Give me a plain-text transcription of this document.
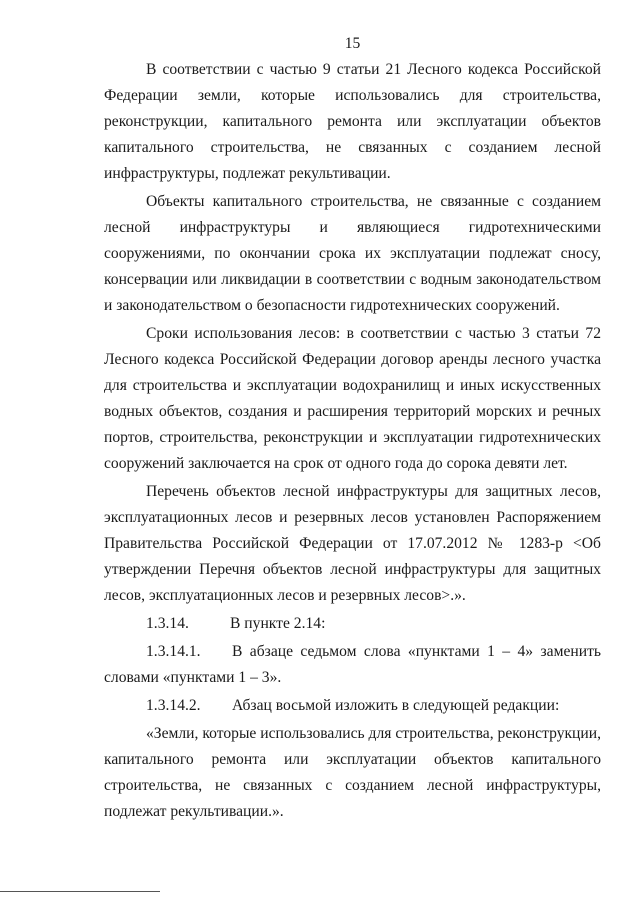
15

В соответствии с частью 9 статьи 21 Лесного кодекса Российской Федерации земли, которые использовались для строительства, реконструкции, капитального ремонта или эксплуатации объектов капитального строительства, не связанных с созданием лесной инфраструктуры, подлежат рекультивации.

Объекты капитального строительства, не связанные с созданием лесной инфраструктуры и являющиеся гидротехническими сооружениями, по окончании срока их эксплуатации подлежат сносу, консервации или ликвидации в соответствии с водным законодательством и законодательством о безопасности гидротехнических сооружений.

Сроки использования лесов: в соответствии с частью 3 статьи 72 Лесного кодекса Российской Федерации договор аренды лесного участка для строительства и эксплуатации водохранилищ и иных искусственных водных объектов, создания и расширения территорий морских и речных портов, строительства, реконструкции и эксплуатации гидротехнических сооружений заключается на срок от одного года до сорока девяти лет.

Перечень объектов лесной инфраструктуры для защитных лесов, эксплуатационных лесов и резервных лесов установлен Распоряжением Правительства Российской Федерации от 17.07.2012 № 1283-р <Об утверждении Перечня объектов лесной инфраструктуры для защитных лесов, эксплуатационных лесов и резервных лесов>.».

1.3.14.	В пункте 2.14:

1.3.14.1. В абзаце седьмом слова «пунктами 1 – 4» заменить словами «пунктами 1 – 3».

1.3.14.2. Абзац восьмой изложить в следующей редакции:

«Земли, которые использовались для строительства, реконструкции, капитального ремонта или эксплуатации объектов капитального строительства, не связанных с созданием лесной инфраструктуры, подлежат рекультивации.».
